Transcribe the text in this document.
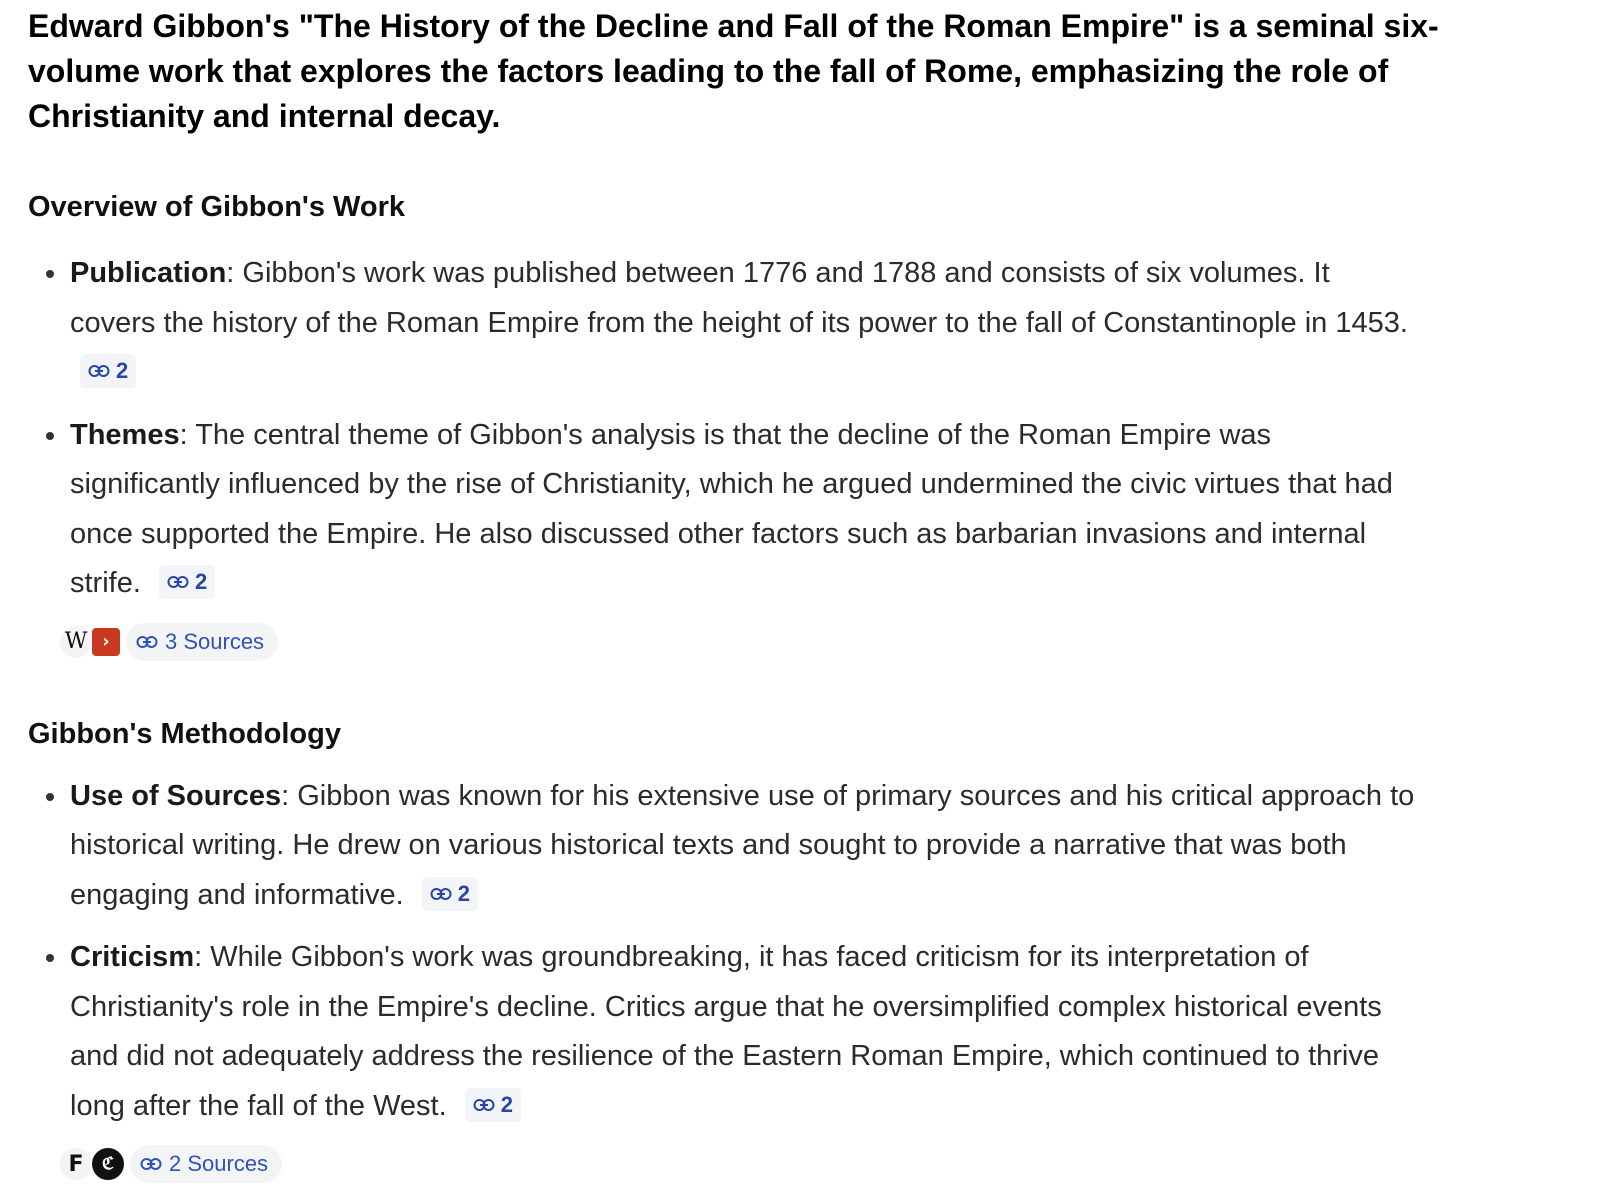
Edward Gibbon's "The History of the Decline and Fall of the Roman Empire" is a seminal six-volume work that explores the factors leading to the fall of Rome, emphasizing the role of Christianity and internal decay.

Overview of Gibbon's Work
Publication: Gibbon's work was published between 1776 and 1788 and consists of six volumes. It covers the history of the Roman Empire from the height of its power to the fall of Constantinople in 1453.
2
Themes: The central theme of Gibbon's analysis is that the decline of the Roman Empire was significantly influenced by the rise of Christianity, which he argued undermined the civic virtues that had once supported the Empire. He also discussed other factors such as barbarian invasions and internal strife. 2
W ›	3 Sources
Gibbon's Methodology
Use of Sources: Gibbon was known for his extensive use of primary sources and his critical approach to historical writing. He drew on various historical texts and sought to provide a narrative that was both engaging and informative. 2
Criticism: While Gibbon's work was groundbreaking, it has faced criticism for its interpretation of Christianity's role in the Empire's decline. Critics argue that he oversimplified complex historical events and did not adequately address the resilience of the Eastern Roman Empire, which continued to thrive long after the fall of the West. 2
F	ℭ	2 Sources
